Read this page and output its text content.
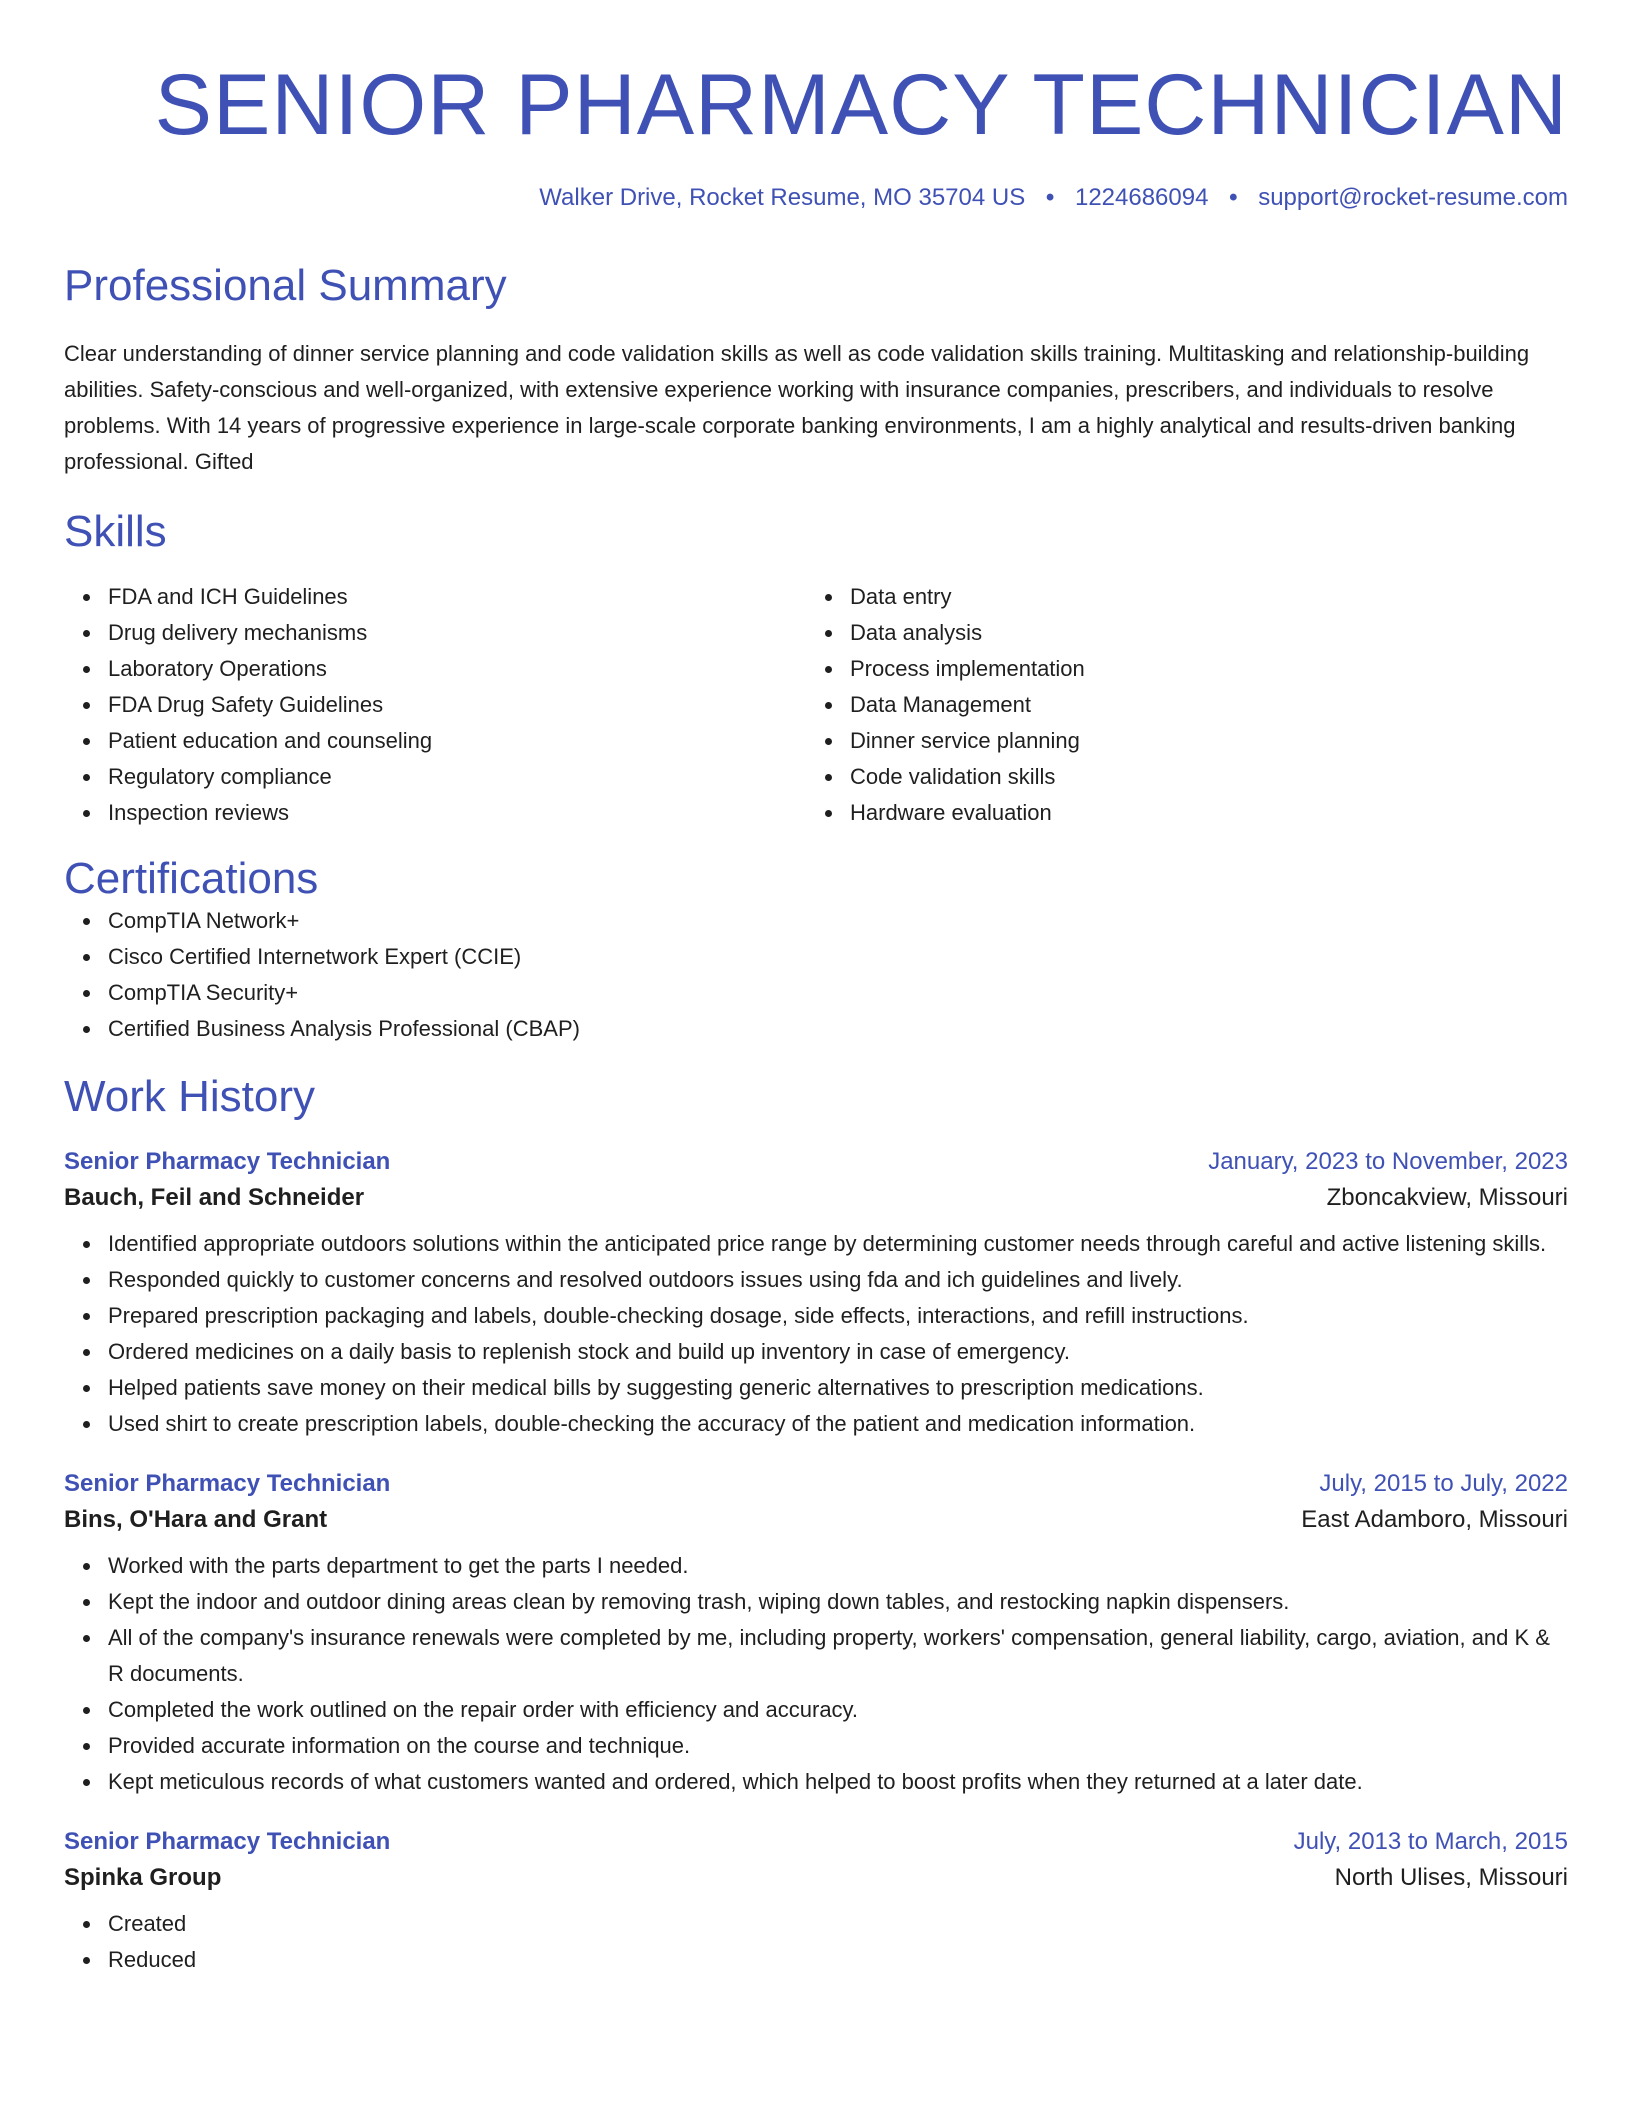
SENIOR PHARMACY TECHNICIAN
Walker Drive, Rocket Resume, MO 35704 US • 1224686094 • support@rocket-resume.com
Professional Summary
Clear understanding of dinner service planning and code validation skills as well as code validation skills training. Multitasking and relationship-building abilities. Safety-conscious and well-organized, with extensive experience working with insurance companies, prescribers, and individuals to resolve problems. With 14 years of progressive experience in large-scale corporate banking environments, I am a highly analytical and results-driven banking professional. Gifted
Skills
FDA and ICH Guidelines
Drug delivery mechanisms
Laboratory Operations
FDA Drug Safety Guidelines
Patient education and counseling
Regulatory compliance
Inspection reviews
Data entry
Data analysis
Process implementation
Data Management
Dinner service planning
Code validation skills
Hardware evaluation
Certifications
CompTIA Network+
Cisco Certified Internetwork Expert (CCIE)
CompTIA Security+
Certified Business Analysis Professional (CBAP)
Work History
Senior Pharmacy Technician	January, 2023 to November, 2023
Bauch, Feil and Schneider	Zboncakview, Missouri
Identified appropriate outdoors solutions within the anticipated price range by determining customer needs through careful and active listening skills.
Responded quickly to customer concerns and resolved outdoors issues using fda and ich guidelines and lively.
Prepared prescription packaging and labels, double-checking dosage, side effects, interactions, and refill instructions.
Ordered medicines on a daily basis to replenish stock and build up inventory in case of emergency.
Helped patients save money on their medical bills by suggesting generic alternatives to prescription medications.
Used shirt to create prescription labels, double-checking the accuracy of the patient and medication information.
Senior Pharmacy Technician	July, 2015 to July, 2022
Bins, O'Hara and Grant	East Adamboro, Missouri
Worked with the parts department to get the parts I needed.
Kept the indoor and outdoor dining areas clean by removing trash, wiping down tables, and restocking napkin dispensers.
All of the company's insurance renewals were completed by me, including property, workers' compensation, general liability, cargo, aviation, and K & R documents.
Completed the work outlined on the repair order with efficiency and accuracy.
Provided accurate information on the course and technique.
Kept meticulous records of what customers wanted and ordered, which helped to boost profits when they returned at a later date.
Senior Pharmacy Technician	July, 2013 to March, 2015
Spinka Group	North Ulises, Missouri
Created
Reduced
